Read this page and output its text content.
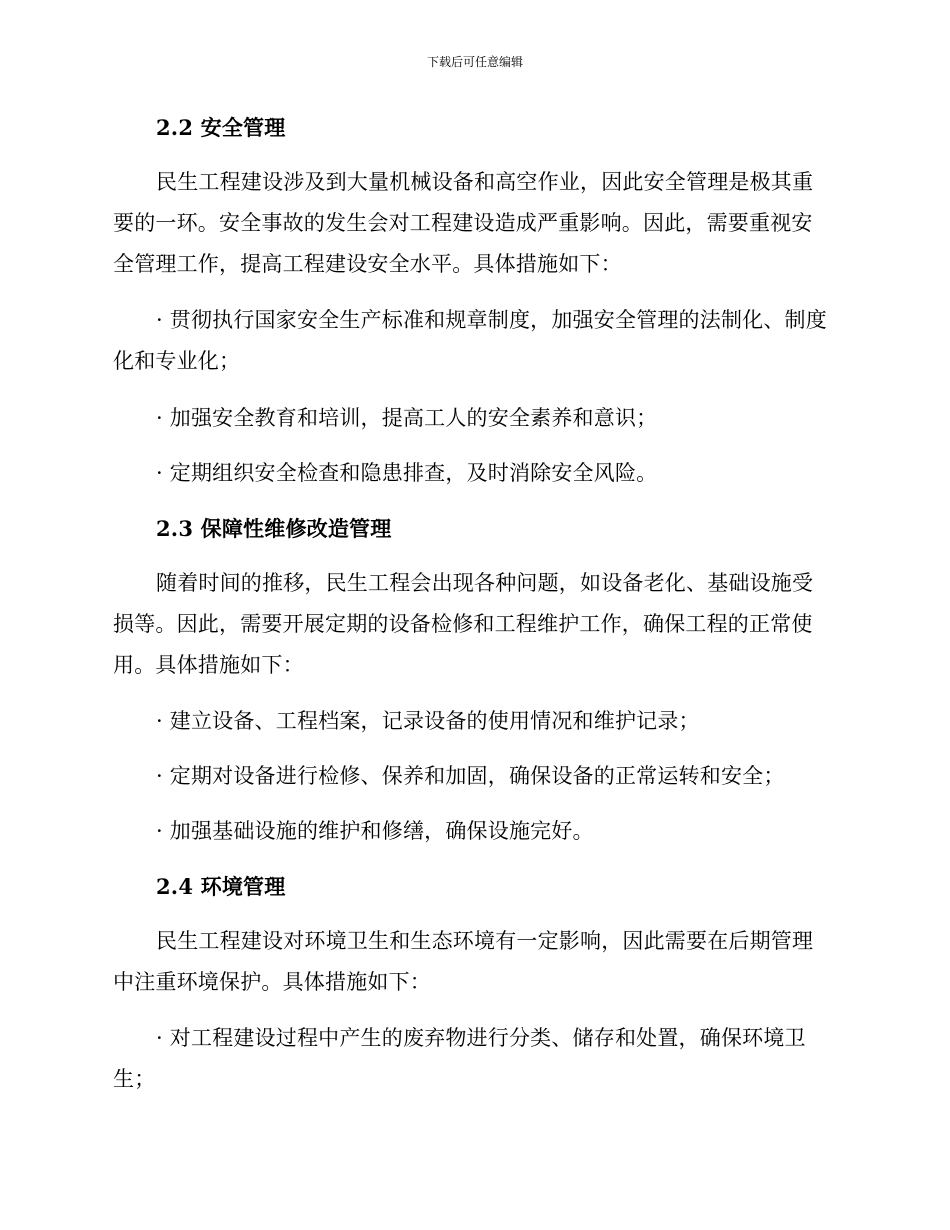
下载后可任意编辑
2.2 安全管理

民生工程建设涉及到大量机械设备和高空作业，因此安全管理是极其重要的一环。安全事故的发生会对工程建设造成严重影响。因此，需要重视安全管理工作，提高工程建设安全水平。具体措施如下：

· 贯彻执行国家安全生产标准和规章制度，加强安全管理的法制化、制度化和专业化；

· 加强安全教育和培训，提高工人的安全素养和意识；

· 定期组织安全检查和隐患排查，及时消除安全风险。

2.3 保障性维修改造管理

随着时间的推移，民生工程会出现各种问题，如设备老化、基础设施受损等。因此，需要开展定期的设备检修和工程维护工作，确保工程的正常使用。具体措施如下：

· 建立设备、工程档案，记录设备的使用情况和维护记录；

· 定期对设备进行检修、保养和加固，确保设备的正常运转和安全；

· 加强基础设施的维护和修缮，确保设施完好。

2.4 环境管理

民生工程建设对环境卫生和生态环境有一定影响，因此需要在后期管理中注重环境保护。具体措施如下：

· 对工程建设过程中产生的废弃物进行分类、储存和处置，确保环境卫生；
